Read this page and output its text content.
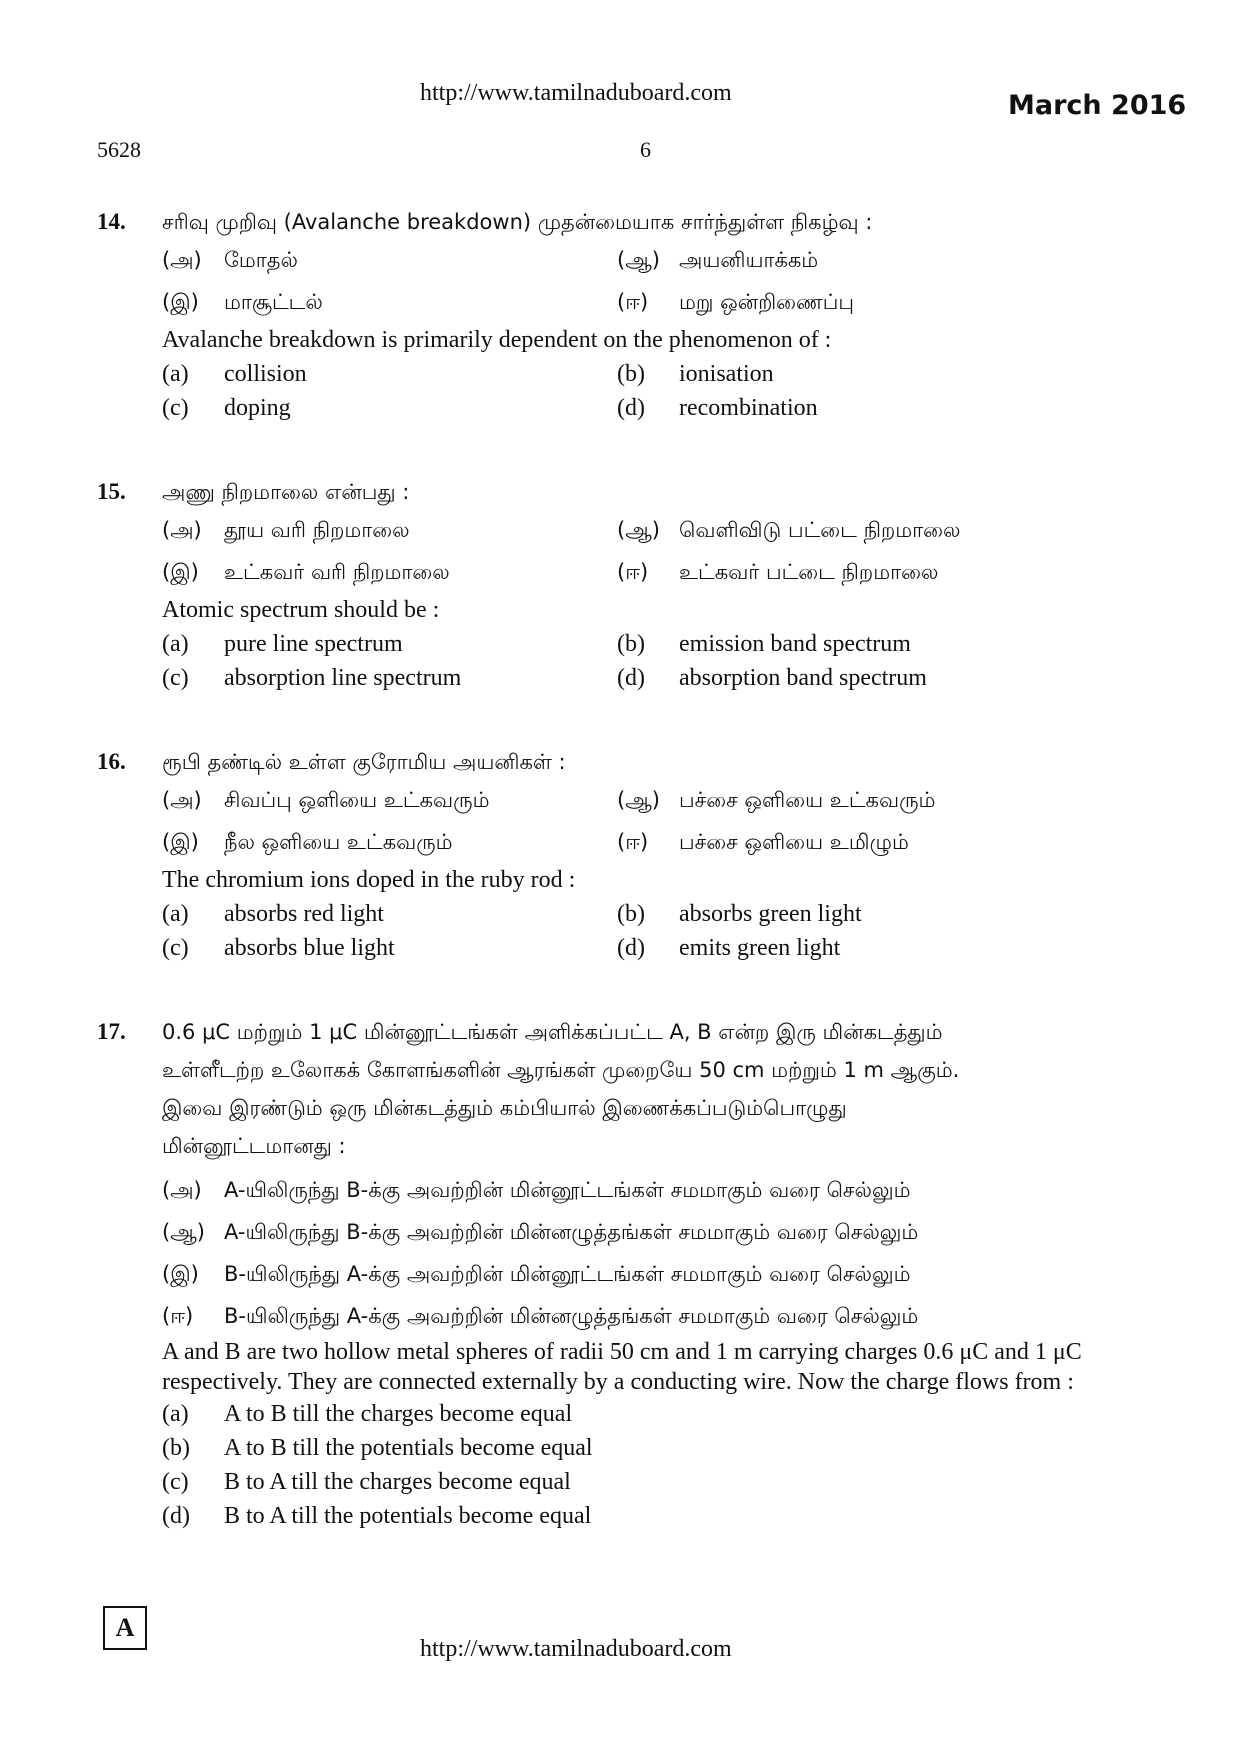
http://www.tamilnaduboard.com	March 2016
5628	6
14.	சரிவு முறிவு (Avalanche breakdown) முதன்மையாக சார்ந்துள்ள நிகழ்வு :
(அ)	மோதல்	(ஆ) அயனியாக்கம்
(இ)	மாசூட்டல்	(ஈ)	மறு ஒன்றிணைப்பு
Avalanche breakdown is primarily dependent on the phenomenon of :
(a)	collision	(b)	ionisation
(c)	doping	(d)	recombination
15.	அணு நிறமாலை என்பது :
(அ)	தூய வரி நிறமாலை	(ஆ) வெளிவிடு பட்டை நிறமாலை
(இ)	உட்கவர் வரி நிறமாலை	(ஈ)	உட்கவர் பட்டை நிறமாலை
Atomic spectrum should be :
(a)	pure line spectrum	(b)	emission band spectrum
(c)	absorption line spectrum	(d)	absorption band spectrum
16.	ரூபி தண்டில் உள்ள குரோமிய அயனிகள் :
(அ)	சிவப்பு ஒளியை உட்கவரும்	(ஆ) பச்சை ஒளியை உட்கவரும்
(இ)	நீல ஒளியை உட்கவரும்	(ஈ)	பச்சை ஒளியை உமிழும்
The chromium ions doped in the ruby rod :
(a)	absorbs red light	(b)	absorbs green light
(c)	absorbs blue light	(d)	emits green light
17.	0.6 μC மற்றும் 1 μC மின்னூட்டங்கள் அளிக்கப்பட்ட A, B என்ற இரு மின்கடத்தும்
உள்ளீடற்ற உலோகக் கோளங்களின் ஆரங்கள் முறையே 50 cm மற்றும் 1 m ஆகும்.
இவை இரண்டும் ஒரு மின்கடத்தும் கம்பியால் இணைக்கப்படும்பொழுது
மின்னூட்டமானது :
(அ)	A-யிலிருந்து B-க்கு அவற்றின் மின்னூட்டங்கள் சமமாகும் வரை செல்லும்
(ஆ) A-யிலிருந்து B-க்கு அவற்றின் மின்னழுத்தங்கள் சமமாகும் வரை செல்லும்
(இ)	B-யிலிருந்து A-க்கு அவற்றின் மின்னூட்டங்கள் சமமாகும் வரை செல்லும்
(ஈ)	B-யிலிருந்து A-க்கு அவற்றின் மின்னழுத்தங்கள் சமமாகும் வரை செல்லும்
A and B are two hollow metal spheres of radii 50 cm and 1 m carrying charges 0.6 μC and 1 μC respectively. They are connected externally by a conducting wire. Now the charge flows from :
(a)	A to B till the charges become equal
(b)	A to B till the potentials become equal
(c)	B to A till the charges become equal
(d)	B to A till the potentials become equal
A
http://www.tamilnaduboard.com
